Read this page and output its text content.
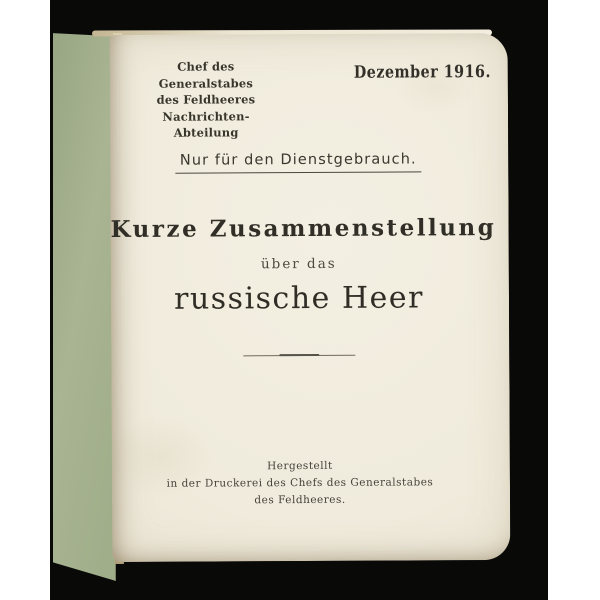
Chef des Generalstabes
des Feldheeres
Nachrichten-Abteilung
Dezember 1916.
Nur für den Dienstgebrauch.
Kurze Zusammenstellung
über das
russische Heer
Hergestellt
in der Druckerei des Chefs des Generalstabes
des Feldheeres.
